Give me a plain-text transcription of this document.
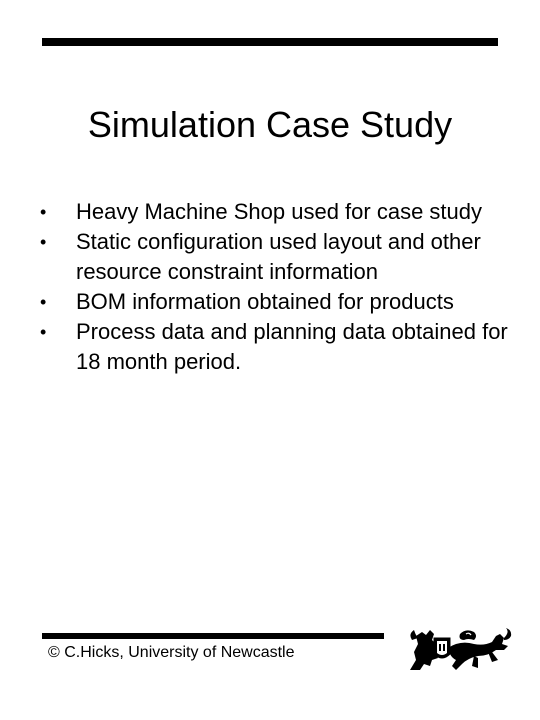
Simulation Case Study
•	Heavy Machine Shop used for case study
•	Static configuration used layout and other resource constraint information
•	BOM information obtained for products
•	Process data and planning data obtained for 18 month period.
© C.Hicks, University of Newcastle
